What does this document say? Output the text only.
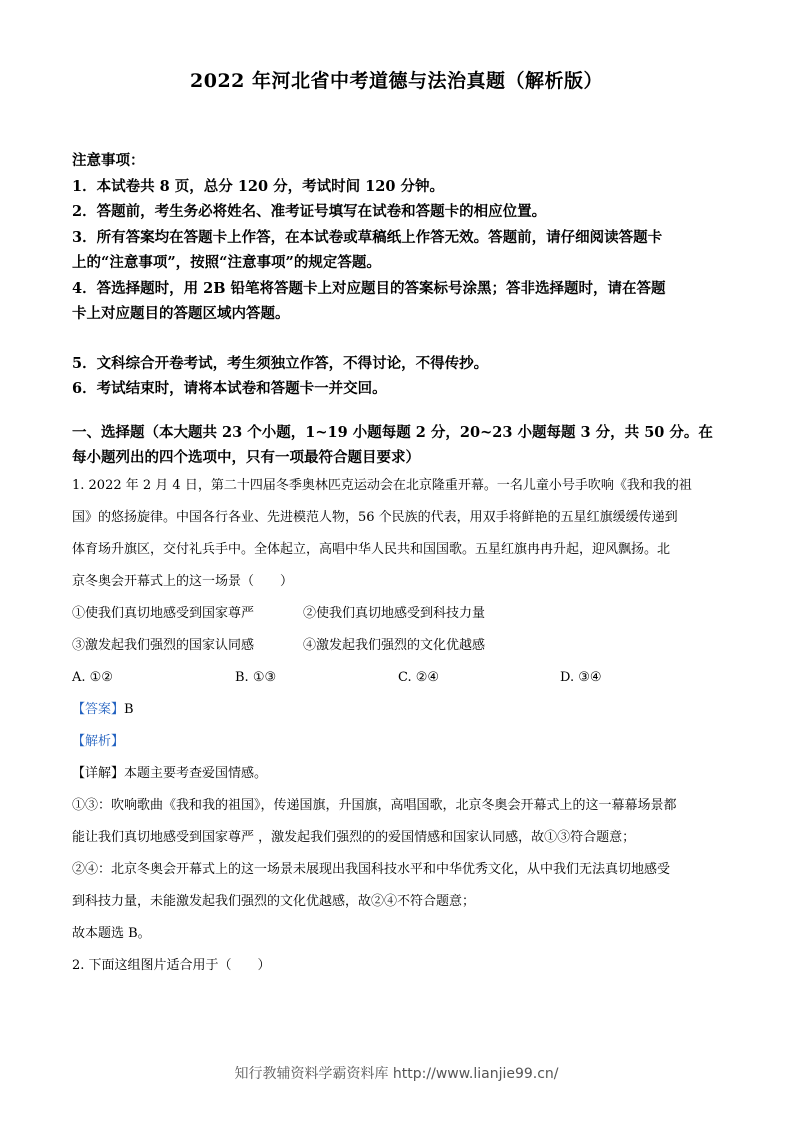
2022 年河北省中考道德与法治真题（解析版）

注意事项：

1．本试卷共 8 页，总分 120 分，考试时间 120 分钟。

2．答题前，考生务必将姓名、准考证号填写在试卷和答题卡的相应位置。

3．所有答案均在答题卡上作答，在本试卷或草稿纸上作答无效。答题前，请仔细阅读答题卡

上的“注意事项”，按照“注意事项”的规定答题。

4．答选择题时，用 2B 铅笔将答题卡上对应题目的答案标号涂黑；答非选择题时，请在答题

卡上对应题目的答题区域内答题。

5．文科综合开卷考试，考生须独立作答，不得讨论，不得传抄。

6．考试结束时，请将本试卷和答题卡一并交回。

一、选择题（本大题共 23 个小题，1~19 小题每题 2 分，20~23 小题每题 3 分，共 50 分。在

每小题列出的四个选项中，只有一项最符合题目要求）

1. 2022 年 2 月 4 日，第二十四届冬季奥林匹克运动会在北京隆重开幕。一名儿童小号手吹响《我和我的祖

国》的悠扬旋律。中国各行各业、先进模范人物，56 个民族的代表，用双手将鲜艳的五星红旗缓缓传递到

体育场升旗区，交付礼兵手中。全体起立，高唱中华人民共和国国歌。五星红旗冉冉升起，迎风飘扬。北

京冬奥会开幕式上的这一场景（　　）

①使我们真切地感受到国家尊严	②使我们真切地感受到科技力量

③激发起我们强烈的国家认同感	④激发起我们强烈的文化优越感

A. ①②	B. ①③	C. ②④	D. ③④

【答案】B

【解析】

【详解】本题主要考查爱国情感。

①③：吹响歌曲《我和我的祖国》，传递国旗，升国旗，高唱国歌，北京冬奥会开幕式上的这一幕幕场景都

能让我们真切地感受到国家尊严 ，激发起我们强烈的的爱国情感和国家认同感，故①③符合题意；

②④：北京冬奥会开幕式上的这一场景未展现出我国科技水平和中华优秀文化，从中我们无法真切地感受

到科技力量，未能激发起我们强烈的文化优越感，故②④不符合题意；

故本题选 B。

2. 下面这组图片适合用于（　　）

知行教辅资料学霸资料库 http://www.lianjie99.cn/
